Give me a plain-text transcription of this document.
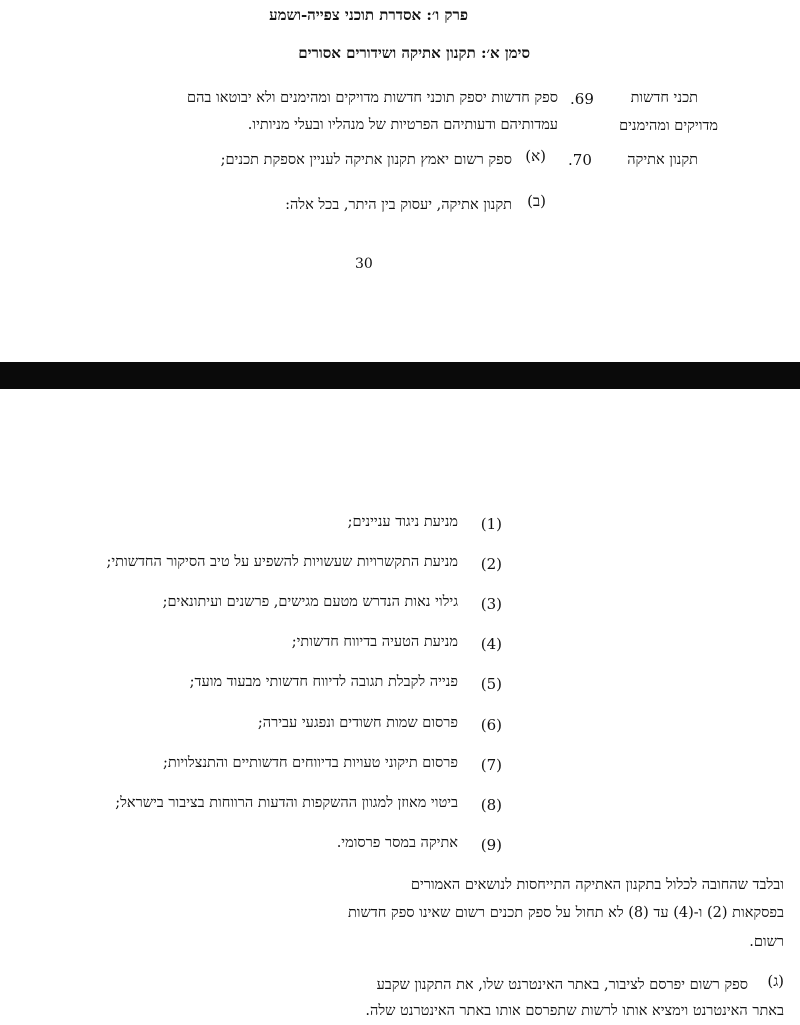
פרק ו׳: אסדרת תוכני צפייה-ושמע
סימן א׳: תקנון אתיקה ושידורים אסורים
תכני חדשות
מדויקים ומהימנים
69.
ספק חדשות יספק תוכני חדשות מדויקים ומהימנים ולא יבוטאו בהם
עמדותיהם ודעותיהם הפרטיות של מנהליו ובעלי מניותיו.
תקנון אתיקה
70.
(א)
ספק רשום יאמץ תקנון אתיקה לעניין אספקת תכנים;
(ב)
תקנון אתיקה, יעסוק בין היתר, בכל אלה:
30
(1)
מניעת ניגוד עניינים;
(2)
מניעת התקשרויות שעשויות להשפיע על טיב הסיקור החדשותי;
(3)
גילוי נאות הנדרש מטעם מגישים, פרשנים ועיתונאים;
(4)
מניעת הטעיה בדיווח חדשותי;
(5)
פנייה לקבלת תגובה לדיווח חדשותי מבעוד מועד;
(6)
פרסום שמות חשודים ונפגעי עבירה;
(7)
פרסום תיקוני טעויות בדיווחים חדשותיים והתנצלויות;
(8)
ביטוי מאוזן למגוון ההשקפות והדעות הרווחות בציבור בישראל;
(9)
אתיקה במסר פרסומי.
ובלבד שהחובה לכלול בתקנון האתיקה התייחסות לנושאים האמורים
בפסקאות (2) ו-(4) עד (8) לא תחול על ספק תכנים רשום שאינו ספק חדשות
רשום.
(ג)
ספק רשום יפרסם לציבור, באתר האינטרנט שלו, את התקנון שקבע
באתר האינטרנט וימציא אותו לרשות שתפרסם אותו באתר האינטרנט שלה.
